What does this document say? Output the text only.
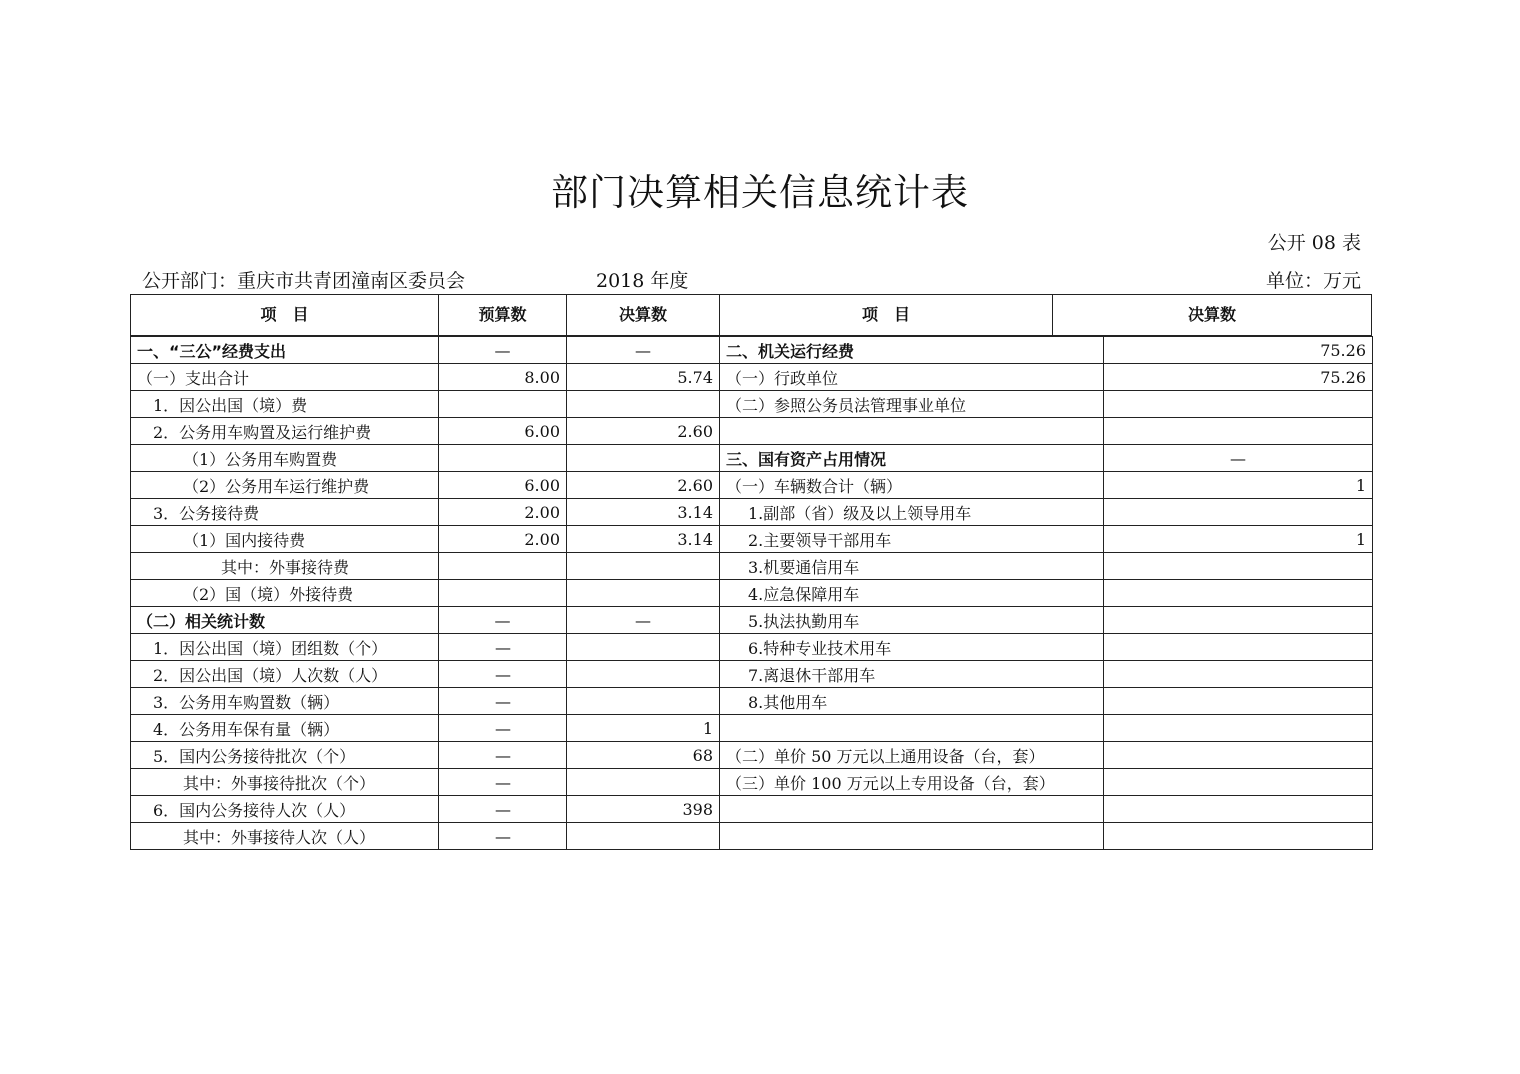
部门决算相关信息统计表
公开 08 表
公开部门：重庆市共青团潼南区委员会	2018 年度	单位：万元
项　目	预算数	决算数	项　目	决算数
一、“三公”经费支出	—	—	二、机关运行经费	75.26
（一）支出合计	8.00	5.74	（一）行政单位	75.26
1．因公出国（境）费			（二）参照公务员法管理事业单位	
2．公务用车购置及运行维护费	6.00	2.60		
（1）公务用车购置费			三、国有资产占用情况	—
（2）公务用车运行维护费	6.00	2.60	（一）车辆数合计（辆）	1
3．公务接待费	2.00	3.14	1.副部（省）级及以上领导用车	
（1）国内接待费	2.00	3.14	2.主要领导干部用车	1
其中：外事接待费			3.机要通信用车	
（2）国（境）外接待费			4.应急保障用车	
（二）相关统计数	—	—	5.执法执勤用车	
1．因公出国（境）团组数（个）	—		6.特种专业技术用车	
2．因公出国（境）人次数（人）	—		7.离退休干部用车	
3．公务用车购置数（辆）	—		8.其他用车	
4．公务用车保有量（辆）	—	1		
5．国内公务接待批次（个）	—	68	（二）单价 50 万元以上通用设备（台，套）	
其中：外事接待批次（个）	—		（三）单价 100 万元以上专用设备（台，套）	
6．国内公务接待人次（人）	—	398		
其中：外事接待人次（人）	—			
